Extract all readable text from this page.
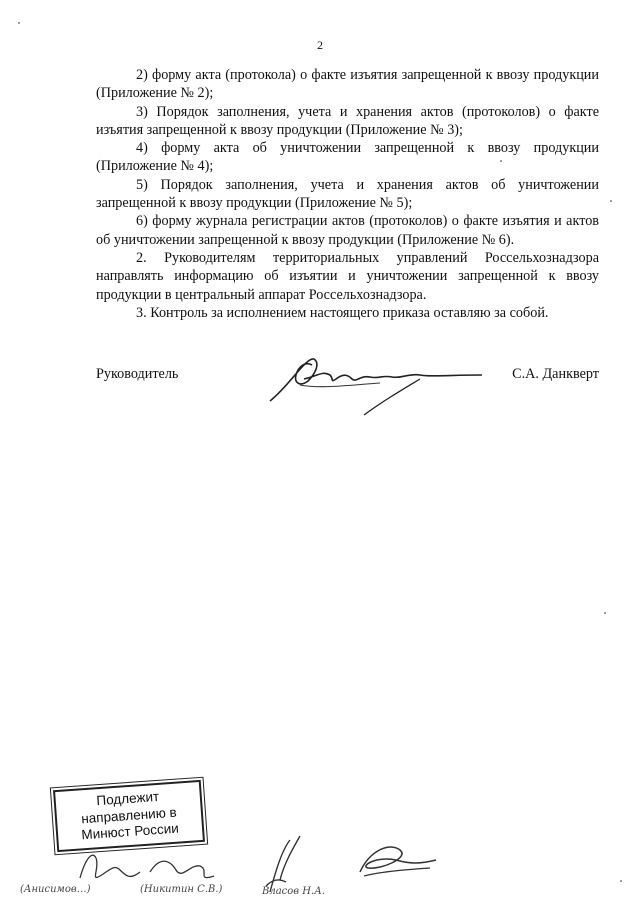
2

2) форму акта (протокола) о факте изъятия запрещенной к ввозу продукции (Приложение № 2);

3) Порядок заполнения, учета и хранения актов (протоколов) о факте изъятия запрещенной к ввозу продукции (Приложение № 3);

4) форму акта об уничтожении запрещенной к ввозу продукции (Приложение № 4);

5) Порядок заполнения, учета и хранения актов об уничтожении запрещенной к ввозу продукции (Приложение № 5);

6) форму журнала регистрации актов (протоколов) о факте изъятия и актов об уничтожении запрещенной к ввозу продукции (Приложение № 6).

2. Руководителям территориальных управлений Россельхознадзора направлять информацию об изъятии и уничтожении запрещенной к ввозу продукции в центральный аппарат Россельхознадзора.

3. Контроль за исполнением настоящего приказа оставляю за собой.

Руководитель	С.А. Данкверт
Подлежит
направлению в
Минюст России
(Анисимов…)	(Никитин С.В.)	Власов Н.А.
